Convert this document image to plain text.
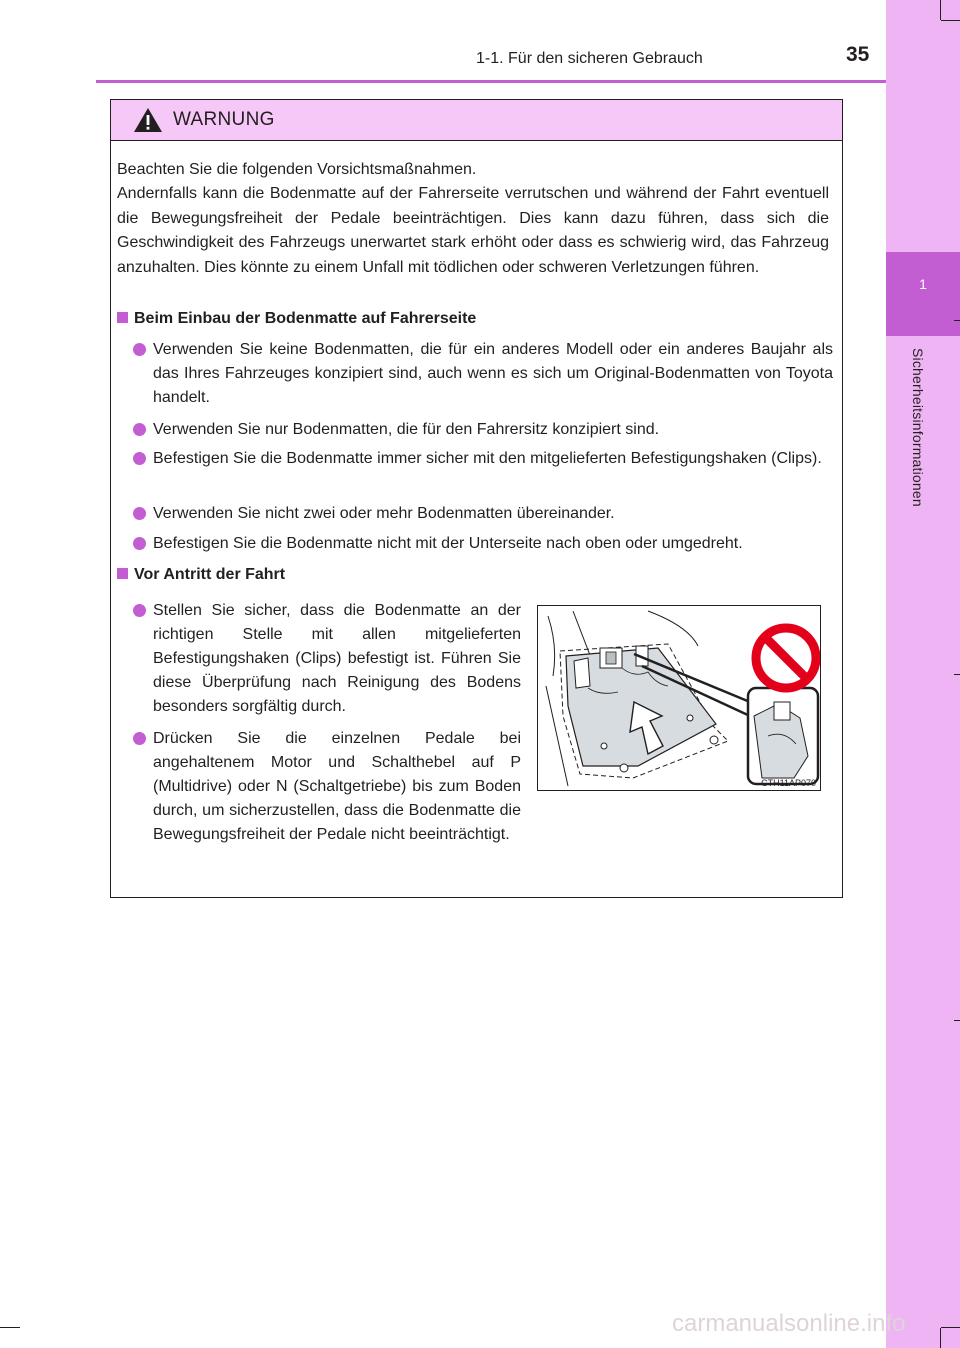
1
Sicherheitsinformationen
1-1. Für den sicheren Gebrauch	35
WARNUNG
Beachten Sie die folgenden Vorsichtsmaßnahmen.
Andernfalls kann die Bodenmatte auf der Fahrerseite verrutschen und während der Fahrt eventuell die Bewegungsfreiheit der Pedale beeinträchtigen. Dies kann dazu führen, dass sich die Geschwindigkeit des Fahrzeugs unerwartet stark erhöht oder dass es schwierig wird, das Fahrzeug anzuhalten. Dies könnte zu einem Unfall mit tödlichen oder schweren Verletzungen führen.
Beim Einbau der Bodenmatte auf Fahrerseite
Verwenden Sie keine Bodenmatten, die für ein anderes Modell oder ein anderes Baujahr als das Ihres Fahrzeuges konzipiert sind, auch wenn es sich um Original-Bodenmatten von Toyota handelt.
Verwenden Sie nur Bodenmatten, die für den Fahrersitz konzipiert sind.
Befestigen Sie die Bodenmatte immer sicher mit den mitgelieferten Befestigungshaken (Clips).
Verwenden Sie nicht zwei oder mehr Bodenmatten übereinander.
Befestigen Sie die Bodenmatte nicht mit der Unterseite nach oben oder umgedreht.
Vor Antritt der Fahrt
Stellen Sie sicher, dass die Bodenmatte an der richtigen Stelle mit allen mitgelieferten Befestigungshaken (Clips) befestigt ist. Führen Sie diese Überprüfung nach Reinigung des Bodens besonders sorgfältig durch.
Drücken Sie die einzelnen Pedale bei angehaltenem Motor und Schalthebel auf P (Multidrive) oder N (Schaltgetriebe) bis zum Boden durch, um sicherzustellen, dass die Bodenmatte die Bewegungsfreiheit der Pedale nicht beeinträchtigt.
CTH11AP070
carmanualsonline.info
